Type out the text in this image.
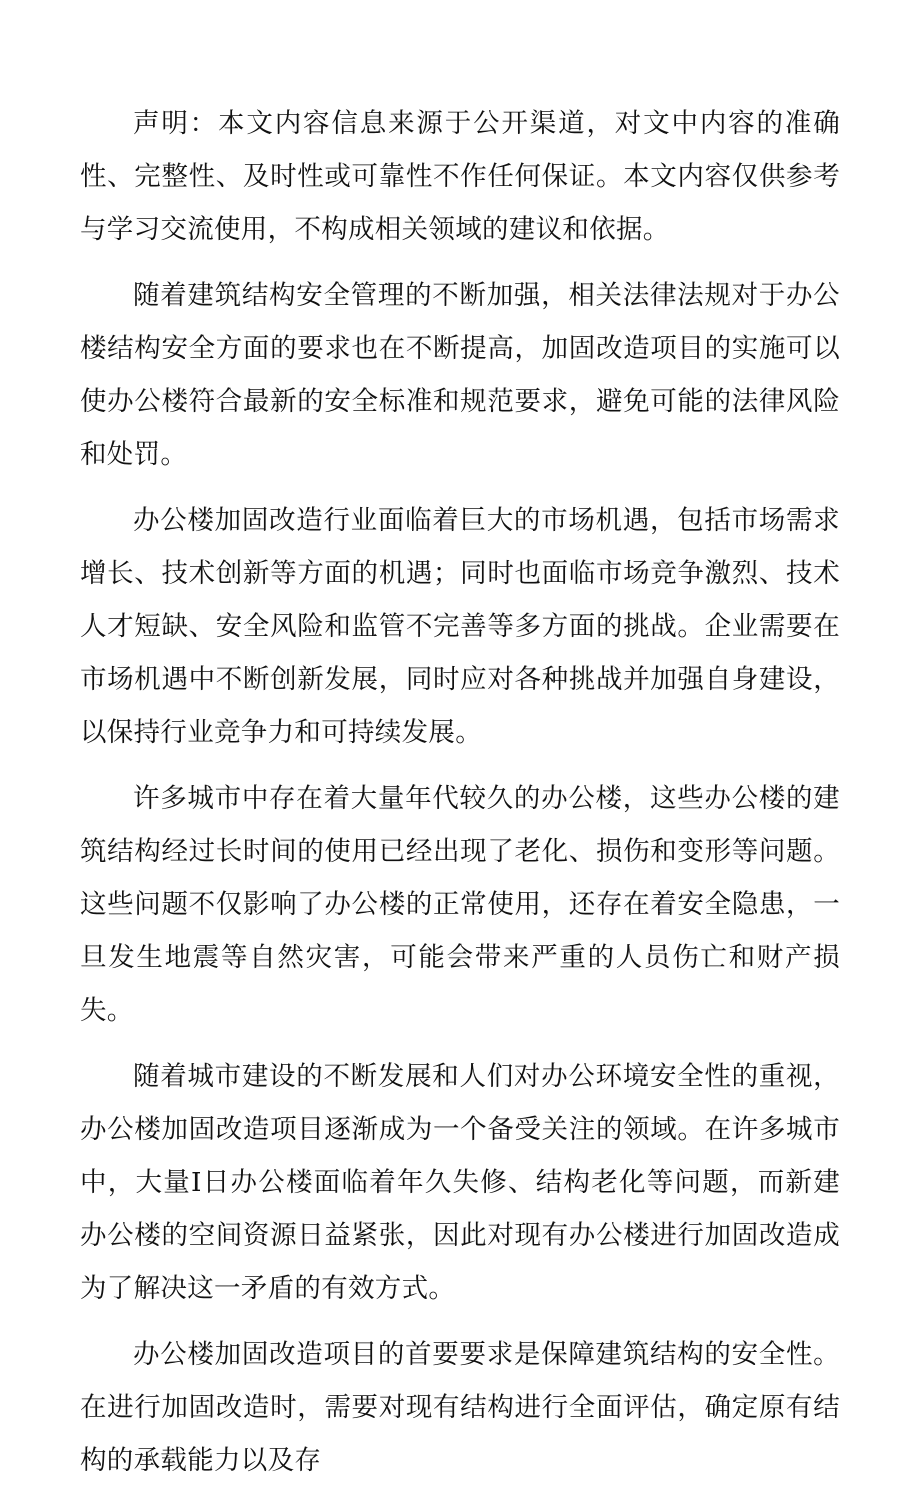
声明：本文内容信息来源于公开渠道，对文中内容的准确性、完整性、及时性或可靠性不作任何保证。本文内容仅供参考与学习交流使用，不构成相关领域的建议和依据。

随着建筑结构安全管理的不断加强，相关法律法规对于办公楼结构安全方面的要求也在不断提高，加固改造项目的实施可以使办公楼符合最新的安全标准和规范要求，避免可能的法律风险和处罚。

办公楼加固改造行业面临着巨大的市场机遇，包括市场需求增长、技术创新等方面的机遇；同时也面临市场竞争激烈、技术人才短缺、安全风险和监管不完善等多方面的挑战。企业需要在市场机遇中不断创新发展，同时应对各种挑战并加强自身建设，以保持行业竞争力和可持续发展。

许多城市中存在着大量年代较久的办公楼，这些办公楼的建筑结构经过长时间的使用已经出现了老化、损伤和变形等问题。这些问题不仅影响了办公楼的正常使用，还存在着安全隐患，一旦发生地震等自然灾害，可能会带来严重的人员伤亡和财产损失。

随着城市建设的不断发展和人们对办公环境安全性的重视，办公楼加固改造项目逐渐成为一个备受关注的领域。在许多城市中，大量I日办公楼面临着年久失修、结构老化等问题，而新建办公楼的空间资源日益紧张，因此对现有办公楼进行加固改造成为了解决这一矛盾的有效方式。

办公楼加固改造项目的首要要求是保障建筑结构的安全性。在进行加固改造时，需要对现有结构进行全面评估，确定原有结构的承载能力以及存
